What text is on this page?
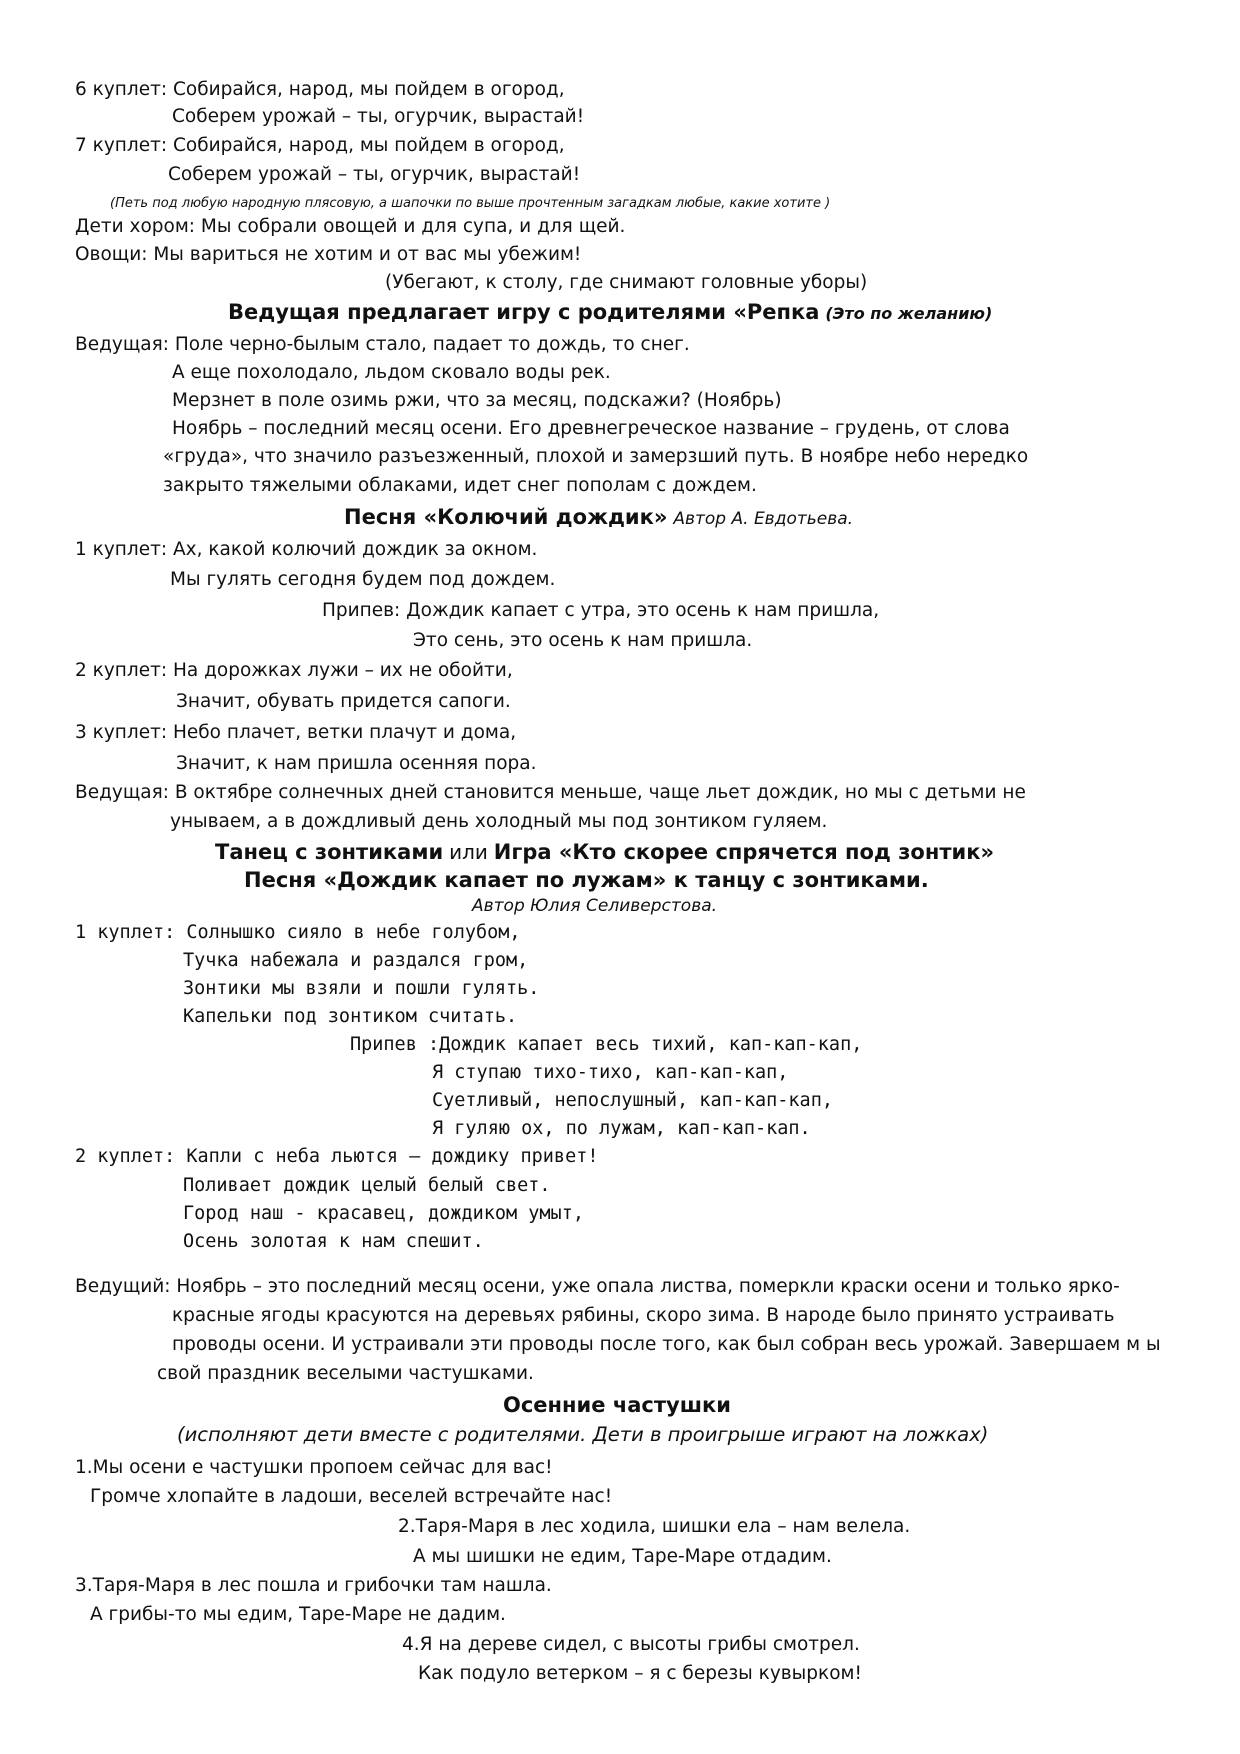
6 куплет: Собирайся, народ, мы пойдем в огород,
Соберем урожай – ты, огурчик, вырастай!
7 куплет: Собирайся, народ, мы пойдем в огород,
Соберем урожай – ты, огурчик, вырастай!
(Петь под любую народную плясовую, а шапочки по выше прочтенным загадкам любые, какие хотите )
Дети хором: Мы собрали овощей и для супа, и для щей.
Овощи: Мы вариться не хотим и от вас мы убежим!
(Убегают, к столу, где снимают головные уборы)
Ведущая предлагает игру с родителями «Репка (Это по желанию)
Ведущая: Поле черно-былым стало, падает то дождь, то снег.
А еще похолодало, льдом сковало воды рек.
Мерзнет в поле озимь ржи, что за месяц, подскажи? (Ноябрь)
Ноябрь – последний месяц осени. Его древнегреческое название – грудень, от слова
«груда», что значило разъезженный, плохой и замерзший путь. В ноябре небо нередко
закрыто тяжелыми облаками, идет снег пополам с дождем.
Песня «Колючий дождик» Автор А. Евдотьева.
1 куплет: Ах, какой колючий дождик за окном.
Мы гулять сегодня будем под дождем.
Припев: Дождик капает с утра, это осень к нам пришла,
Это сень, это осень к нам пришла.
2 куплет: На дорожках лужи – их не обойти,
Значит, обувать придется сапоги.
3 куплет: Небо плачет, ветки плачут и дома,
Значит, к нам пришла осенняя пора.
Ведущая: В октябре солнечных дней становится меньше, чаще льет дождик, но мы с детьми не
унываем, а в дождливый день холодный мы под зонтиком гуляем.
Танец с зонтиками или Игра «Кто скорее спрячется под зонтик»
Песня «Дождик капает по лужам» к танцу с зонтиками.
Автор Юлия Селиверстова.
1 куплет: Солнышко сияло в небе голубом,
Тучка набежала и раздался гром,
Зонтики мы взяли и пошли гулять.
Капельки под зонтиком считать.
Припев :Дождик капает весь тихий, кап-кап-кап,
Я ступаю тихо-тихо, кап-кап-кап,
Суетливый, непослушный, кап-кап-кап,
Я гуляю ох, по лужам, кап-кап-кап.
2 куплет: Капли с неба льются – дождику привет!
Поливает дождик целый белый свет.
Город наш - красавец, дождиком умыт,
Осень золотая к нам спешит.
Ведущий: Ноябрь – это последний месяц осени, уже опала листва, померкли краски осени и только ярко-
красные ягоды красуются на деревьях рябины, скоро зима. В народе было принято устраивать
проводы осени. И устраивали эти проводы после того, как был собран весь урожай. Завершаем м ы
свой праздник веселыми частушками.
Осенние частушки
(исполняют дети вместе с родителями. Дети в проигрыше играют на ложках)
1.Мы осени е частушки пропоем сейчас для вас!
Громче хлопайте в ладоши, веселей встречайте нас!
2.Таря-Маря в лес ходила, шишки ела – нам велела.
А мы шишки не едим, Таре-Маре отдадим.
3.Таря-Маря в лес пошла и грибочки там нашла.
А грибы-то мы едим, Таре-Маре не дадим.
4.Я на дереве сидел, с высоты грибы смотрел.
Как подуло ветерком – я с березы кувырком!
